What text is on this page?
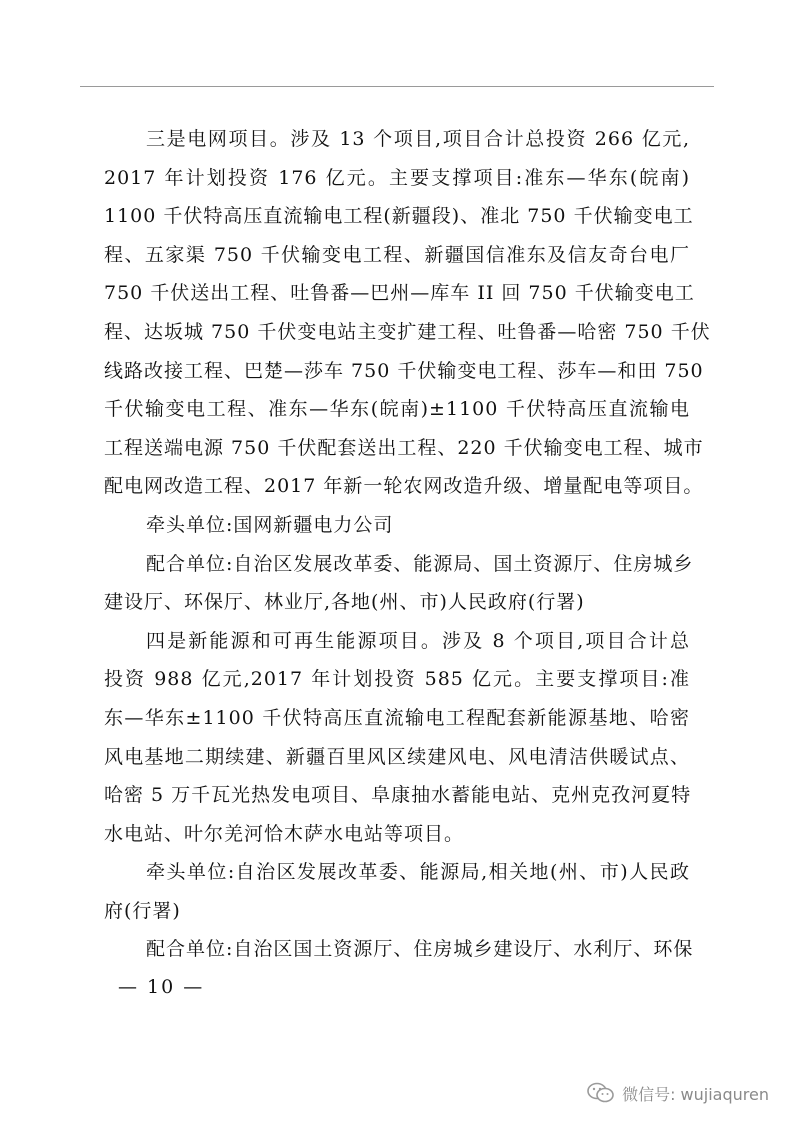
三是电网项目。涉及 13 个项目,项目合计总投资 266 亿元,
2017 年计划投资 176 亿元。主要支撑项目:准东—华东(皖南)
1100 千伏特高压直流输电工程(新疆段)、准北 750 千伏输变电工
程、五家渠 750 千伏输变电工程、新疆国信准东及信友奇台电厂
750 千伏送出工程、吐鲁番—巴州—库车 II 回 750 千伏输变电工
程、达坂城 750 千伏变电站主变扩建工程、吐鲁番—哈密 750 千伏
线路改接工程、巴楚—莎车 750 千伏输变电工程、莎车—和田 750
千伏输变电工程、准东—华东(皖南)±1100 千伏特高压直流输电
工程送端电源 750 千伏配套送出工程、220 千伏输变电工程、城市
配电网改造工程、2017 年新一轮农网改造升级、增量配电等项目。
牵头单位:国网新疆电力公司
配合单位:自治区发展改革委、能源局、国土资源厅、住房城乡
建设厅、环保厅、林业厅,各地(州、市)人民政府(行署)
四是新能源和可再生能源项目。涉及 8 个项目,项目合计总
投资 988 亿元,2017 年计划投资 585 亿元。主要支撑项目:准
东—华东±1100 千伏特高压直流输电工程配套新能源基地、哈密
风电基地二期续建、新疆百里风区续建风电、风电清洁供暖试点、
哈密 5 万千瓦光热发电项目、阜康抽水蓄能电站、克州克孜河夏特
水电站、叶尔羌河恰木萨水电站等项目。
牵头单位:自治区发展改革委、能源局,相关地(州、市)人民政
府(行署)
配合单位:自治区国土资源厅、住房城乡建设厅、水利厅、环保
— 10 —
微信号: wujiaquren
